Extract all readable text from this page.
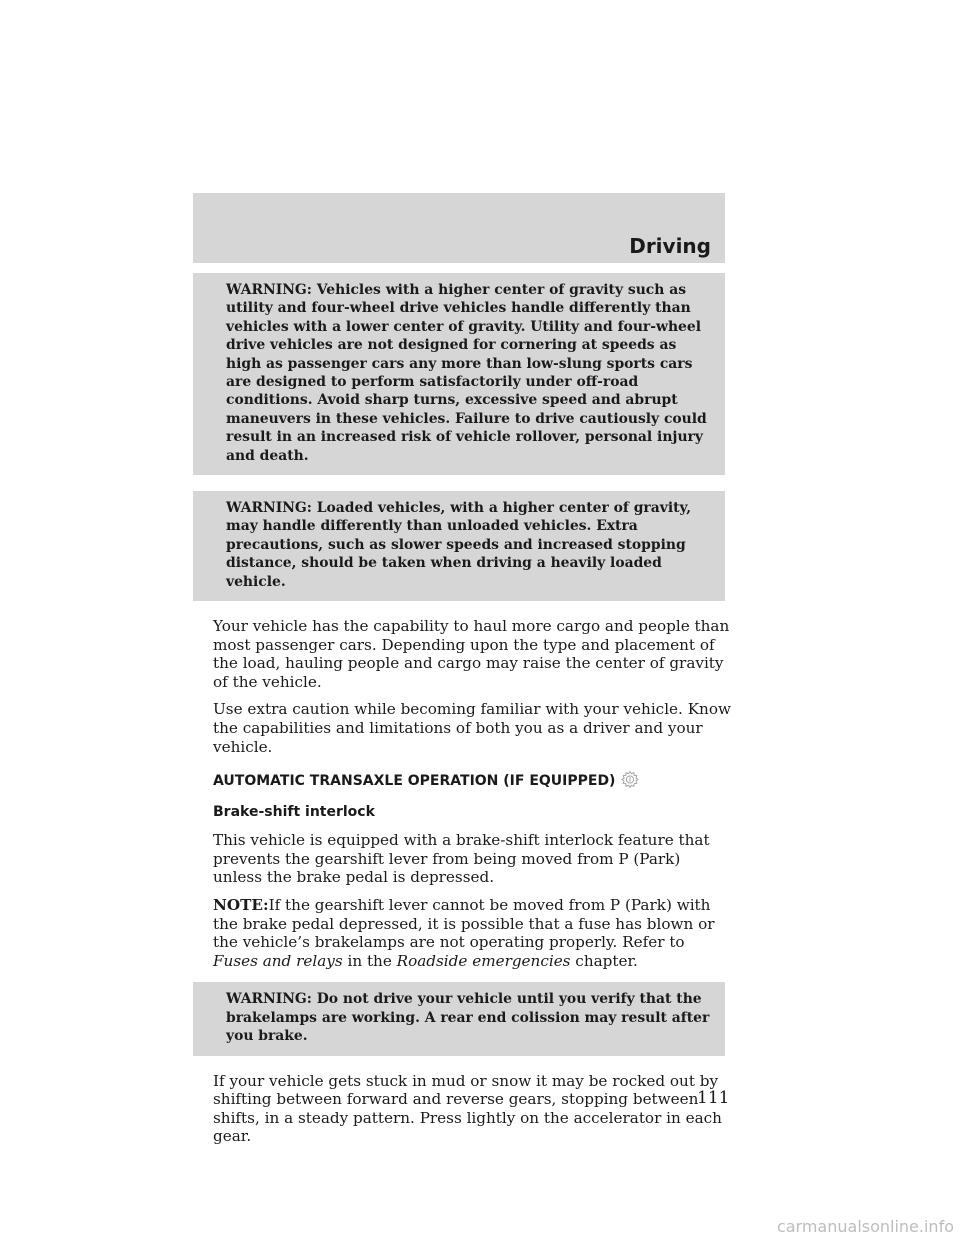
Driving
WARNING: Vehicles with a higher center of gravity such as utility and four-wheel drive vehicles handle differently than vehicles with a lower center of gravity. Utility and four-wheel drive vehicles are not designed for cornering at speeds as high as passenger cars any more than low-slung sports cars are designed to perform satisfactorily under off-road conditions. Avoid sharp turns, excessive speed and abrupt maneuvers in these vehicles. Failure to drive cautiously could result in an increased risk of vehicle rollover, personal injury and death.
WARNING: Loaded vehicles, with a higher center of gravity, may handle differently than unloaded vehicles. Extra precautions, such as slower speeds and increased stopping distance, should be taken when driving a heavily loaded vehicle.

Your vehicle has the capability to haul more cargo and people than most passenger cars. Depending upon the type and placement of the load, hauling people and cargo may raise the center of gravity of the vehicle.

Use extra caution while becoming familiar with your vehicle. Know the capabilities and limitations of both you as a driver and your vehicle.

AUTOMATIC TRANSAXLE OPERATION (IF EQUIPPED)
Brake-shift interlock

This vehicle is equipped with a brake-shift interlock feature that prevents the gearshift lever from being moved from P (Park) unless the brake pedal is depressed.

NOTE:If the gearshift lever cannot be moved from P (Park) with the brake pedal depressed, it is possible that a fuse has blown or the vehicle’s brakelamps are not operating properly. Refer to Fuses and relays in the Roadside emergencies chapter.

WARNING: Do not drive your vehicle until you verify that the brakelamps are working. A rear end colission may result after you brake.

If your vehicle gets stuck in mud or snow it may be rocked out by shifting between forward and reverse gears, stopping between shifts, in a steady pattern. Press lightly on the accelerator in each gear.

111
carmanualsonline.info
